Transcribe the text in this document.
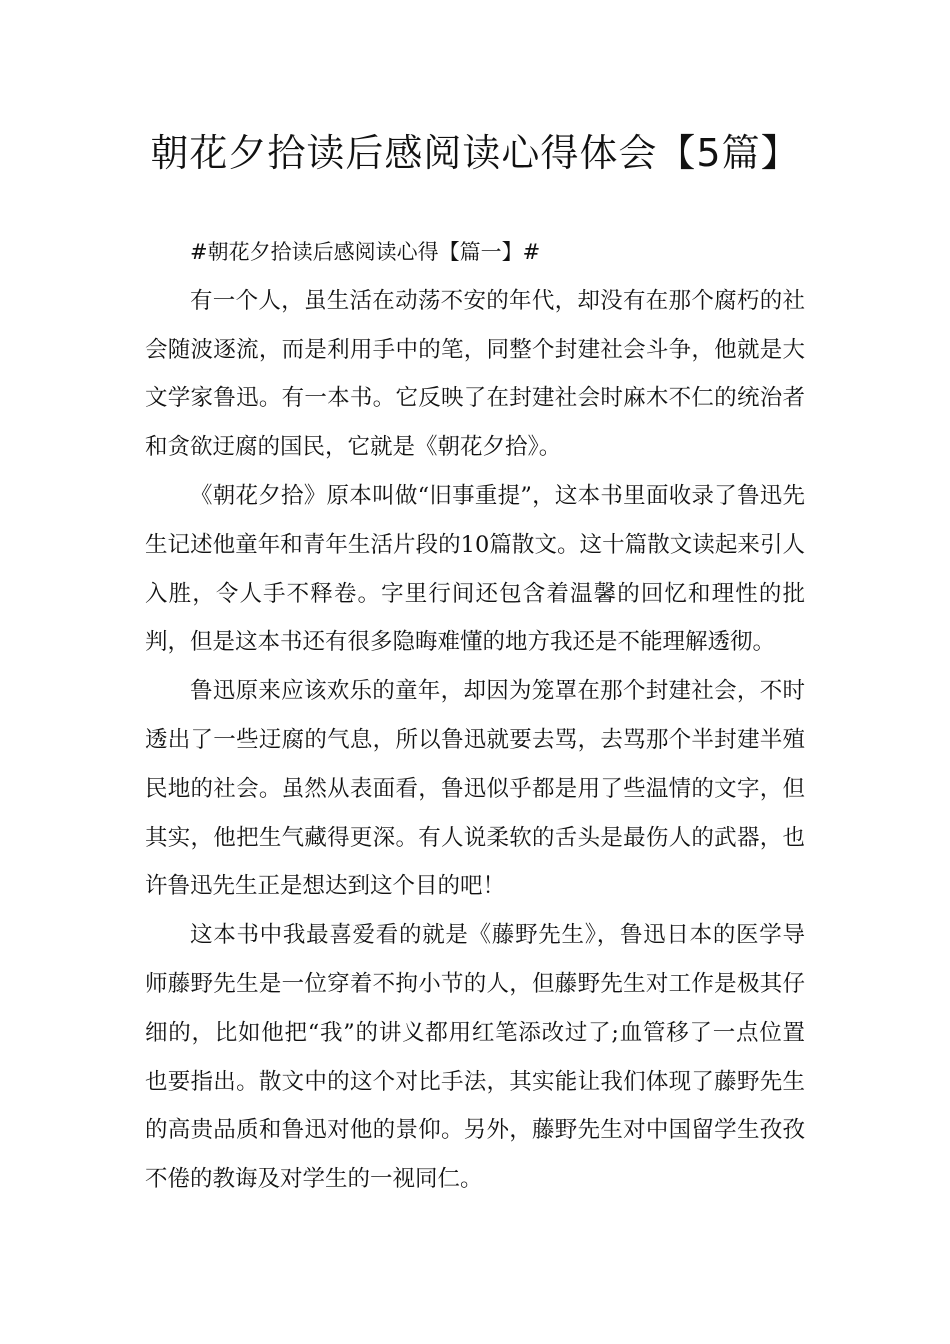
朝花夕拾读后感阅读心得体会【5篇】

#朝花夕拾读后感阅读心得【篇一】#

有一个人，虽生活在动荡不安的年代，却没有在那个腐朽的社会随波逐流，而是利用手中的笔，同整个封建社会斗争，他就是大文学家鲁迅。有一本书。它反映了在封建社会时麻木不仁的统治者和贪欲迂腐的国民，它就是《朝花夕拾》。

《朝花夕拾》原本叫做“旧事重提”，这本书里面收录了鲁迅先生记述他童年和青年生活片段的10篇散文。这十篇散文读起来引人入胜，令人手不释卷。字里行间还包含着温馨的回忆和理性的批判，但是这本书还有很多隐晦难懂的地方我还是不能理解透彻。

鲁迅原来应该欢乐的童年，却因为笼罩在那个封建社会，不时透出了一些迂腐的气息，所以鲁迅就要去骂，去骂那个半封建半殖民地的社会。虽然从表面看，鲁迅似乎都是用了些温情的文字，但其实，他把生气藏得更深。有人说柔软的舌头是最伤人的武器，也许鲁迅先生正是想达到这个目的吧！

这本书中我最喜爱看的就是《藤野先生》，鲁迅日本的医学导师藤野先生是一位穿着不拘小节的人，但藤野先生对工作是极其仔细的，比如他把“我”的讲义都用红笔添改过了;血管移了一点位置也要指出。散文中的这个对比手法，其实能让我们体现了藤野先生的高贵品质和鲁迅对他的景仰。另外，藤野先生对中国留学生孜孜不倦的教诲及对学生的一视同仁。
